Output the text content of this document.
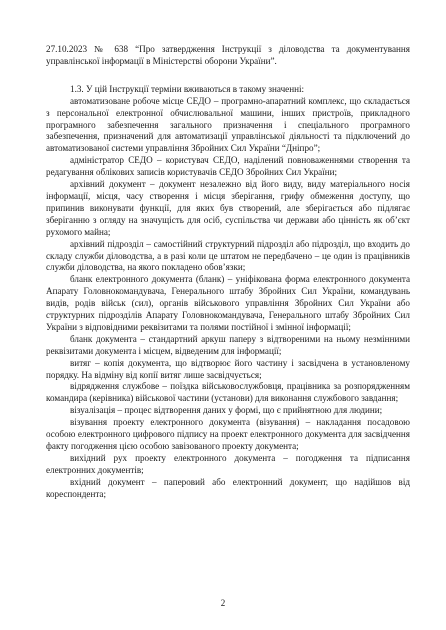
27.10.2023 № 638 “Про затвердження Інструкції з діловодства та документування управлінської інформації в Міністерстві оборони України”.

1.3. У цій Інструкції терміни вживаються в такому значенні:

автоматизоване робоче місце СЕДО – програмно-апаратний комплекс, що складається з персональної електронної обчислювальної машини, інших пристроїв, прикладного програмного забезпечення загального призначення і спеціального програмного забезпечення, призначений для автоматизації управлінської діяльності та підключений до автоматизованої системи управління Збройних Сил України “Дніпро”;

адміністратор СЕДО – користувач СЕДО, наділений повноваженнями створення та редагування облікових записів користувачів СЕДО Збройних Сил України;

архівний документ – документ незалежно від його виду, виду матеріального носія інформації, місця, часу створення і місця зберігання, грифу обмеження доступу, що припинив виконувати функції, для яких був створений, але зберігається або підлягає зберіганню з огляду на значущість для осіб, суспільства чи держави або цінність як об’єкт рухомого майна;

архівний підрозділ – самостійний структурний підрозділ або підрозділ, що входить до складу служби діловодства, а в разі коли це штатом не передбачено – це один із працівників служби діловодства, на якого покладено обов’язки;

бланк електронного документа (бланк) – уніфікована форма електронного документа Апарату Головнокомандувача, Генерального штабу Збройних Сил України, командувань видів, родів військ (сил), органів військового управління Збройних Сил України або структурних підрозділів Апарату Головнокомандувача, Генерального штабу Збройних Сил України з відповідними реквізитами та полями постійної і змінної інформації;

бланк документа – стандартний аркуш паперу з відтвореними на ньому незмінними реквізитами документа і місцем, відведеним для інформації;

витяг – копія документа, що відтворює його частину і засвідчена в установленому порядку. На відміну від копії витяг лише засвідчується;

відрядження службове – поїздка військовослужбовця, працівника за розпорядженням командира (керівника) військової частини (установи) для виконання службового завдання;

візуалізація – процес відтворення даних у формі, що є прийнятною для людини;

візування проекту електронного документа (візування) – накладання посадовою особою електронного цифрового підпису на проект електронного документа для засвідчення факту погодження цією особою завізованого проекту документа;

вихідний рух проекту електронного документа – погодження та підписання електронних документів;

вхідний документ – паперовий або електронний документ, що надійшов від кореспондента;

2
